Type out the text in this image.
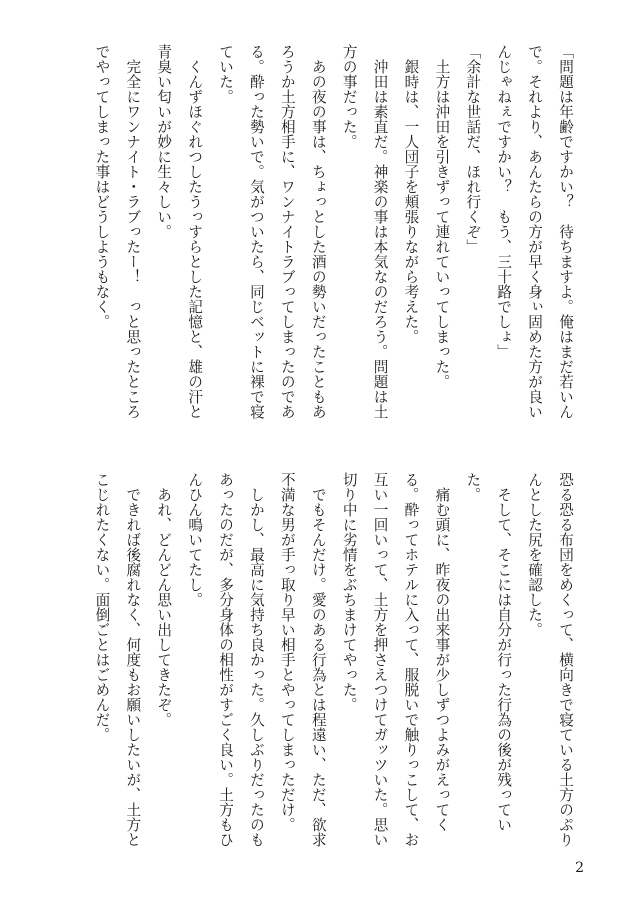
「問題は年齢ですかい？　待ちますよ。俺はまだ若いんで。それより、あんたらの方が早く身ぃ固めた方が良いんじゃねぇですかい？　もう、三十路でしょ」

「余計な世話だ、ほれ行くぞ」

土方は沖田を引きずって連れていってしまった。

銀時は、一人団子を頬張りながら考えた。

沖田は素直だ。神楽の事は本気なのだろう。問題は土方の事だった。

あの夜の事は、ちょっとした酒の勢いだったこともあろうか土方相手に、ワンナイトラブってしまったのである。酔った勢いで。気がついたら、同じベットに裸で寝ていた。

くんずほぐれつしたうっすらとした記憶と、雄の汗と青臭い匂いが妙に生々しい。

完全にワンナイト・ラブったー！　っと思ったところでやってしまった事はどうしようもなく。

恐る恐る布団をめくって、横向きで寝ている土方のぷりんとした尻を確認した。

そして、そこには自分が行った行為の後が残っていた。

痛む頭に、昨夜の出来事が少しずつよみがえってくる。酔ってホテルに入って、服脱いで触りっこして、お互い一回いって、土方を押さえつけてガッツいた。思い切り中に劣情をぶちまけてやった。

でもそんだけ。愛のある行為とは程遠い、ただ、欲求不満な男が手っ取り早い相手とやってしまっただけ。

しかし、最高に気持ち良かった。久しぶりだったのもあったのだが、多分身体の相性がすごく良い。土方もひんひん鳴いてたし。

あれ、どんどん思い出してきたぞ。

できれば後腐れなく、何度もお願いしたいが、土方とこじれたくない。面倒ごとはごめんだ。

2
